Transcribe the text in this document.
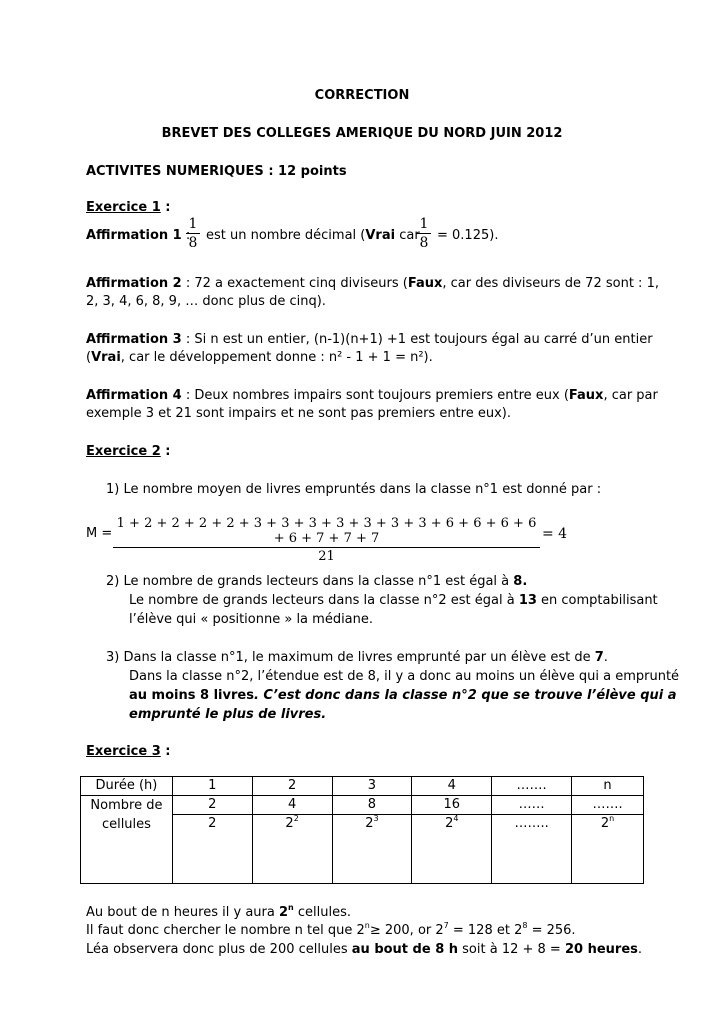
CORRECTION
BREVET DES COLLEGES AMERIQUE DU NORD JUIN 2012
ACTIVITES NUMERIQUES : 12 points
Exercice 1 :
Affirmation 1 :
1
8 est un nombre décimal (Vrai car
1
8 = 0.125).
Affirmation 2 : 72 a exactement cinq diviseurs (Faux, car des diviseurs de 72 sont : 1,
2, 3, 4, 6, 8, 9, … donc plus de cinq).
Affirmation 3 : Si n est un entier, (n-1)(n+1) +1 est toujours égal au carré d’un entier
(Vrai, car le développement donne : n² - 1 + 1 = n²).
Affirmation 4 : Deux nombres impairs sont toujours premiers entre eux (Faux, car par
exemple 3 et 21 sont impairs et ne sont pas premiers entre eux).
Exercice 2 :
1) Le nombre moyen de livres empruntés dans la classe n°1 est donné par :
M =
1 + 2 + 2 + 2 + 2 + 3 + 3 + 3 + 3 + 3 + 3 + 3 + 6 + 6 + 6 + 6 + 6 + 7 + 7 + 7
21
= 4
2) Le nombre de grands lecteurs dans la classe n°1 est égal à 8.
Le nombre de grands lecteurs dans la classe n°2 est égal à 13 en comptabilisant
l’élève qui « positionne » la médiane.
3) Dans la classe n°1, le maximum de livres emprunté par un élève est de 7.
Dans la classe n°2, l’étendue est de 8, il y a donc au moins un élève qui a emprunté
au moins 8 livres. C’est donc dans la classe n°2 que se trouve l’élève qui a
emprunté le plus de livres.
Exercice 3 :
Durée (h)	1	2	3	4	…….	n
Nombre de
cellules	2	4	8	16	……	…….
	2	$2^2$	$2^3$	$2^4$	……..	2$^n$
Au bout de n heures il y aura 2$^n$ cellules.
Il faut donc chercher le nombre n tel que $2^n\ge 200$, or $2^7 = 128$ et $2^8 = 256$.
Léa observera donc plus de 200 cellules au bout de 8 h soit à 12 + 8 = 20 heures.
